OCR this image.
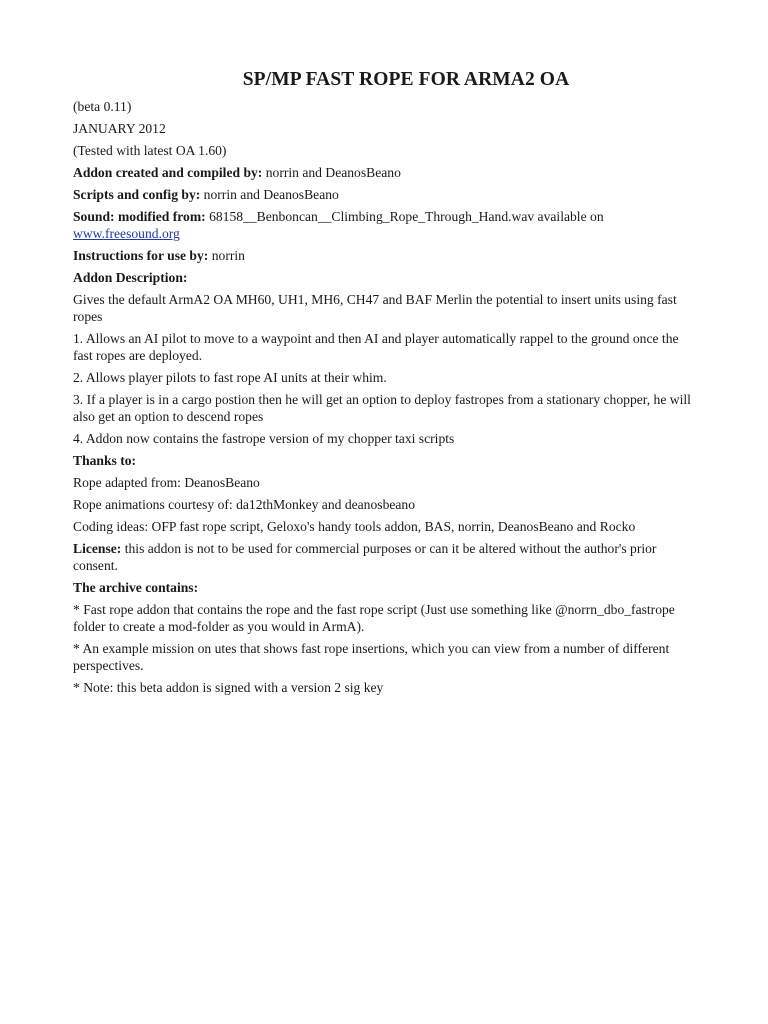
SP/MP FAST ROPE FOR ARMA2 OA
(beta 0.11)
JANUARY 2012
(Tested with latest OA 1.60)
Addon created and compiled by: norrin and DeanosBeano
Scripts and config by: norrin and DeanosBeano
Sound: modified from: 68158__Benboncan__Climbing_Rope_Through_Hand.wav available on www.freesound.org
Instructions for use by: norrin
Addon Description:
Gives the default ArmA2 OA MH60, UH1, MH6, CH47 and BAF Merlin the potential to insert units using fast ropes
1. Allows an AI pilot to move to a waypoint and then AI and player automatically rappel to the ground once the fast ropes are deployed.
2. Allows player pilots to fast rope AI units at their whim.
3. If a player is in a cargo postion then he will get an option to deploy fastropes from a stationary chopper, he will also get an option to descend ropes
4. Addon now contains the fastrope version of my chopper taxi scripts
Thanks to:
Rope adapted from: DeanosBeano
Rope animations courtesy of: da12thMonkey and deanosbeano
Coding ideas: OFP fast rope script, Geloxo's handy tools addon, BAS, norrin, DeanosBeano and Rocko
License: this addon is not to be used for commercial purposes or can it be altered without the author's prior consent.
The archive contains:
* Fast rope addon that contains the rope and the fast rope script (Just use something like @norrn_dbo_fastrope folder to create a mod-folder as you would in ArmA).
* An example mission on utes that shows fast rope insertions, which you can view from a number of different perspectives.
* Note: this beta addon is signed with a version 2 sig key
